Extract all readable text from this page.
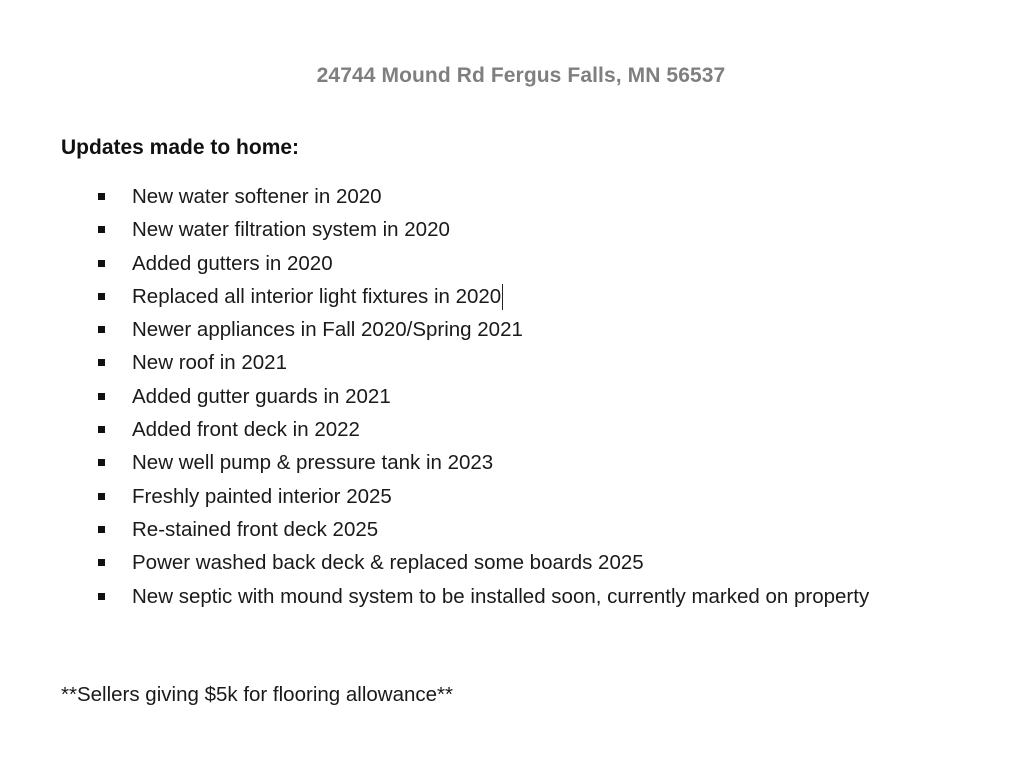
24744 Mound Rd Fergus Falls, MN 56537
Updates made to home:
New water softener in 2020
New water filtration system in 2020
Added gutters in 2020
Replaced all interior light fixtures in 2020
Newer appliances in Fall 2020/Spring 2021
New roof in 2021
Added gutter guards in 2021
Added front deck in 2022
New well pump & pressure tank in 2023
Freshly painted interior 2025
Re-stained front deck 2025
Power washed back deck & replaced some boards 2025
New septic with mound system to be installed soon, currently marked on property
**Sellers giving $5k for flooring allowance**
